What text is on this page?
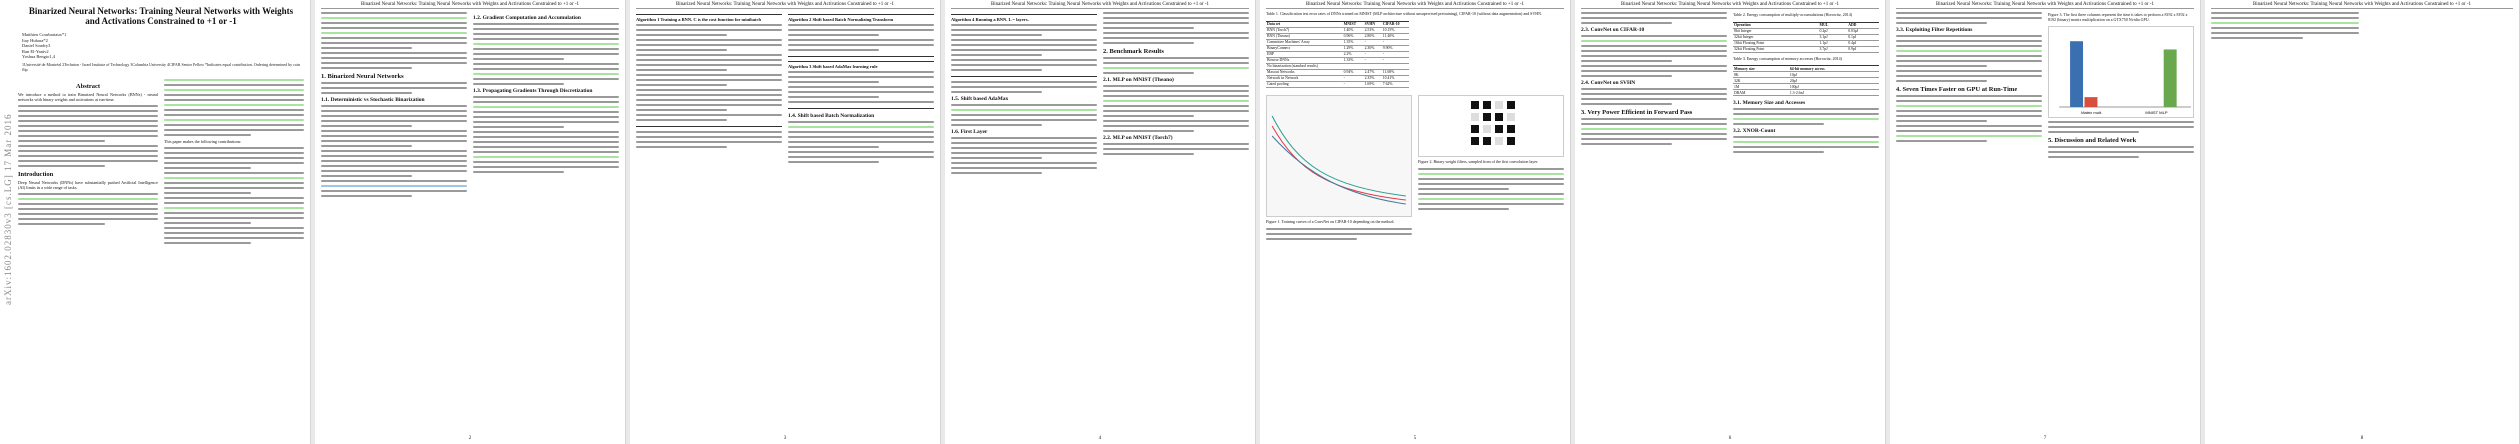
arXiv:1602.02830v3 [cs.LG] 17 Mar 2016
Binarized Neural Networks: Training Neural Networks with Weights and Activations Constrained to +1 or -1
Matthieu Courbariaux*1
Itay Hubara*2
Daniel Soudry3
Ran El-Yaniv2
Yoshua Bengio1,4
1Université de Montréal 2Technion - Israel Institute of Technology 3Columbia University 4CIFAR Senior Fellow *Indicates equal contribution. Ordering determined by coin flip.
Abstract
We introduce a method to train Binarized Neural Networks (BNNs) - neural networks with binary weights and activations at run-time.
Introduction
Deep Neural Networks (DNNs) have substantially pushed Artificial Intelligence (AI) limits in a wide range of tasks.
This paper makes the following contributions:
Binarized Neural Networks: Training Neural Networks with Weights and Activations Constrained to +1 or -1
1. Binarized Neural Networks
1.1. Deterministic vs Stochastic Binarization
1.2. Gradient Computation and Accumulation
1.3. Propagating Gradients Through Discretization
2
Binarized Neural Networks: Training Neural Networks with Weights and Activations Constrained to +1 or -1
Algorithm 1 Training a BNN. C is the cost function for minibatch	Algorithm 2 Shift based Batch Normalizing Transform
Algorithm 3 Shift based AdaMax learning rule
1.4. Shift based Batch Normalization
3
Binarized Neural Networks: Training Neural Networks with Weights and Activations Constrained to +1 or -1
Algorithm 4 Running a BNN. L = layers.
1.5. Shift based AdaMax
1.6. First Layer
2. Benchmark Results
2.1. MLP on MNIST (Theano)
2.2. MLP on MNIST (Torch7)
4
Binarized Neural Networks: Training Neural Networks with Weights and Activations Constrained to +1 or -1
Table 1. Classification test error rates of DNNs trained on MNIST (MLP architecture without unsupervised pretraining), CIFAR-10 (without data augmentation) and SVHN.
Data set	MNIST	SVHN	CIFAR-10
BNN (Torch7)	1.40%	2.53%	10.15%
BNN (Theano)	0.96%	2.80%	11.40%
Committee Machines' Array	1.35%	-	-
BinaryConnect	1.29%	2.30%	9.90%
EBP	2.2%	-	-
Bitwise DNNs	1.33%	-	-
No binarization (standard results)			
Maxout Networks	0.94%	2.47%	11.68%
Network in Network	-	2.35%	10.41%
Gated pooling	-	1.69%	7.62%
Figure 1. Training curves of a ConvNet on CIFAR-10 depending on the method.
Figure 2. Binary weight filters, sampled from of the first convolution layer.
5
Binarized Neural Networks: Training Neural Networks with Weights and Activations Constrained to +1 or -1
2.3. ConvNet on CIFAR-10
2.4. ConvNet on SVHN
3. Very Power Efficient in Forward Pass
Table 2. Energy consumption of multiply-accumulations (Horowitz, 2014)
Operation	MUL	ADD
8bit Integer	0.2pJ	0.03pJ
32bit Integer	3.1pJ	0.1pJ
16bit Floating Point	1.1pJ	0.4pJ
32bit Floating Point	3.7pJ	0.9pJ
Table 3. Energy consumption of memory accesses (Horowitz, 2014)
Memory size	64-bit memory access
8K	10pJ
32K	20pJ
1M	100pJ
DRAM	1.3-2.6nJ
3.1. Memory Size and Accesses
3.2. XNOR-Count
6
Binarized Neural Networks: Training Neural Networks with Weights and Activations Constrained to +1 or -1
3.3. Exploiting Filter Repetitions
4. Seven Times Faster on GPU at Run-Time
Figure 3. The first three columns represent the time it takes to perform a 8192 x 8192 x 8192 (binary) matrix multiplication on a GTX750 Nvidia GPU.
Matrix mult.	MNIST MLP
5. Discussion and Related Work
7
Binarized Neural Networks: Training Neural Networks with Weights and Activations Constrained to +1 or -1
8
